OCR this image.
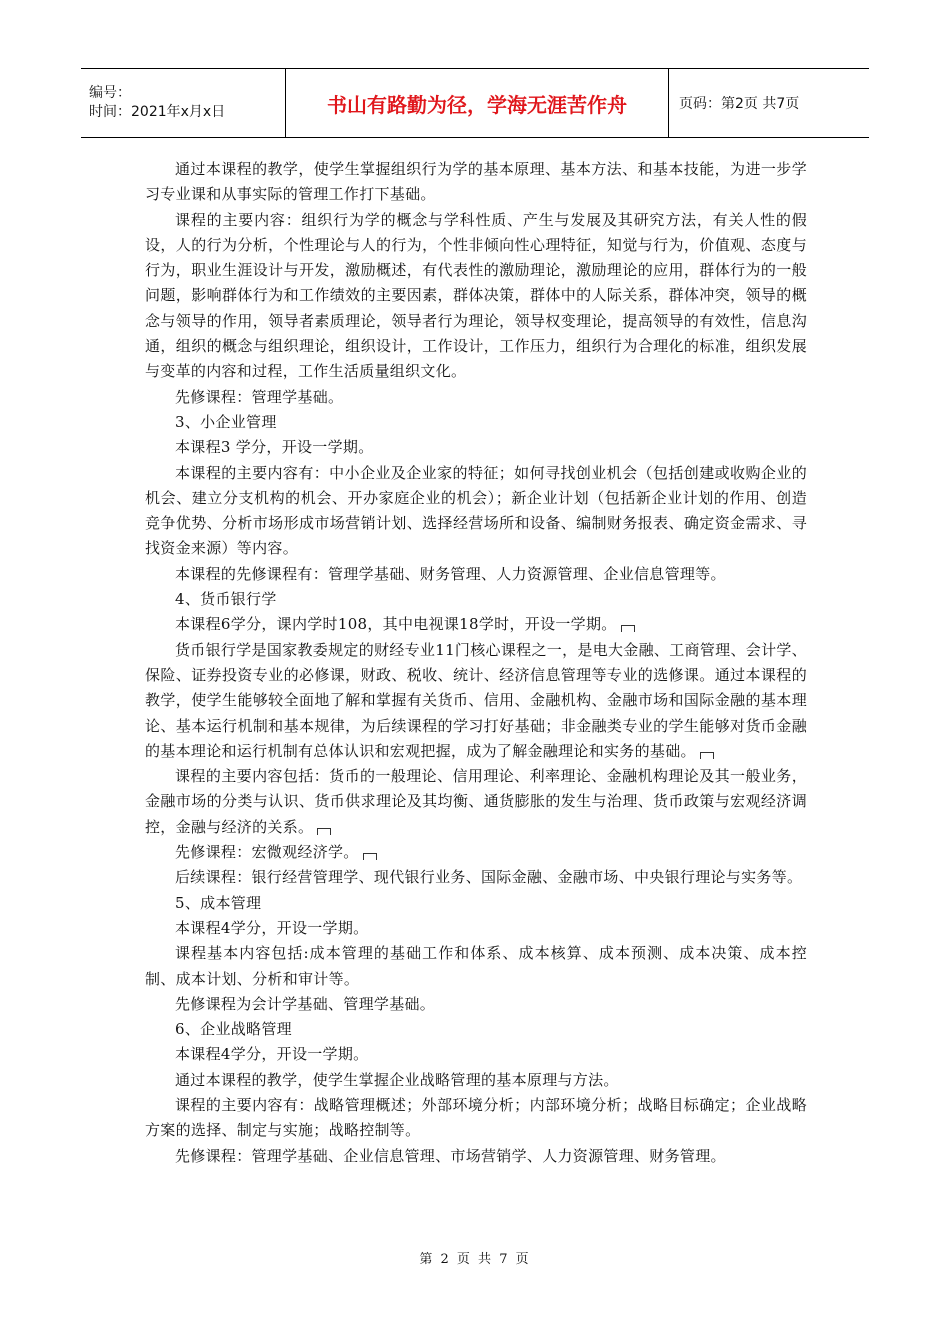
编号：
时间：2021年x月x日	书山有路勤为径，学海无涯苦作舟	页码：第2页 共7页

通过本课程的教学，使学生掌握组织行为学的基本原理、基本方法、和基本技能，为进一步学习专业课和从事实际的管理工作打下基础。

课程的主要内容：组织行为学的概念与学科性质、产生与发展及其研究方法，有关人性的假设，人的行为分析，个性理论与人的行为，个性非倾向性心理特征，知觉与行为，价值观、态度与行为，职业生涯设计与开发，激励概述，有代表性的激励理论，激励理论的应用，群体行为的一般问题，影响群体行为和工作绩效的主要因素，群体决策，群体中的人际关系，群体冲突，领导的概念与领导的作用，领导者素质理论，领导者行为理论，领导权变理论，提高领导的有效性，信息沟通，组织的概念与组织理论，组织设计，工作设计，工作压力，组织行为合理化的标准，组织发展与变革的内容和过程，工作生活质量组织文化。

先修课程：管理学基础。

3、小企业管理

本课程3 学分，开设一学期。

本课程的主要内容有：中小企业及企业家的特征；如何寻找创业机会（包括创建或收购企业的机会、建立分支机构的机会、开办家庭企业的机会）；新企业计划（包括新企业计划的作用、创造竞争优势、分析市场形成市场营销计划、选择经营场所和设备、编制财务报表、确定资金需求、寻找资金来源）等内容。

本课程的先修课程有：管理学基础、财务管理、人力资源管理、企业信息管理等。

4、货币银行学

本课程6学分，课内学时108，其中电视课18学时，开设一学期。

货币银行学是国家教委规定的财经专业11门核心课程之一，是电大金融、工商管理、会计学、保险、证券投资专业的必修课，财政、税收、统计、经济信息管理等专业的选修课。通过本课程的教学，使学生能够较全面地了解和掌握有关货币、信用、金融机构、金融市场和国际金融的基本理论、基本运行机制和基本规律，为后续课程的学习打好基础；非金融类专业的学生能够对货币金融的基本理论和运行机制有总体认识和宏观把握，成为了解金融理论和实务的基础。

课程的主要内容包括：货币的一般理论、信用理论、利率理论、金融机构理论及其一般业务，金融市场的分类与认识、货币供求理论及其均衡、通货膨胀的发生与治理、货币政策与宏观经济调控，金融与经济的关系。

先修课程：宏微观经济学。

后续课程：银行经营管理学、现代银行业务、国际金融、金融市场、中央银行理论与实务等。

5、成本管理

本课程4学分，开设一学期。

课程基本内容包括:成本管理的基础工作和体系、成本核算、成本预测、成本决策、成本控制、成本计划、分析和审计等。

先修课程为会计学基础、管理学基础。

6、企业战略管理

本课程4学分，开设一学期。

通过本课程的教学，使学生掌握企业战略管理的基本原理与方法。

课程的主要内容有：战略管理概述；外部环境分析；内部环境分析；战略目标确定；企业战略方案的选择、制定与实施；战略控制等。

先修课程：管理学基础、企业信息管理、市场营销学、人力资源管理、财务管理。

第 2 页 共 7 页
